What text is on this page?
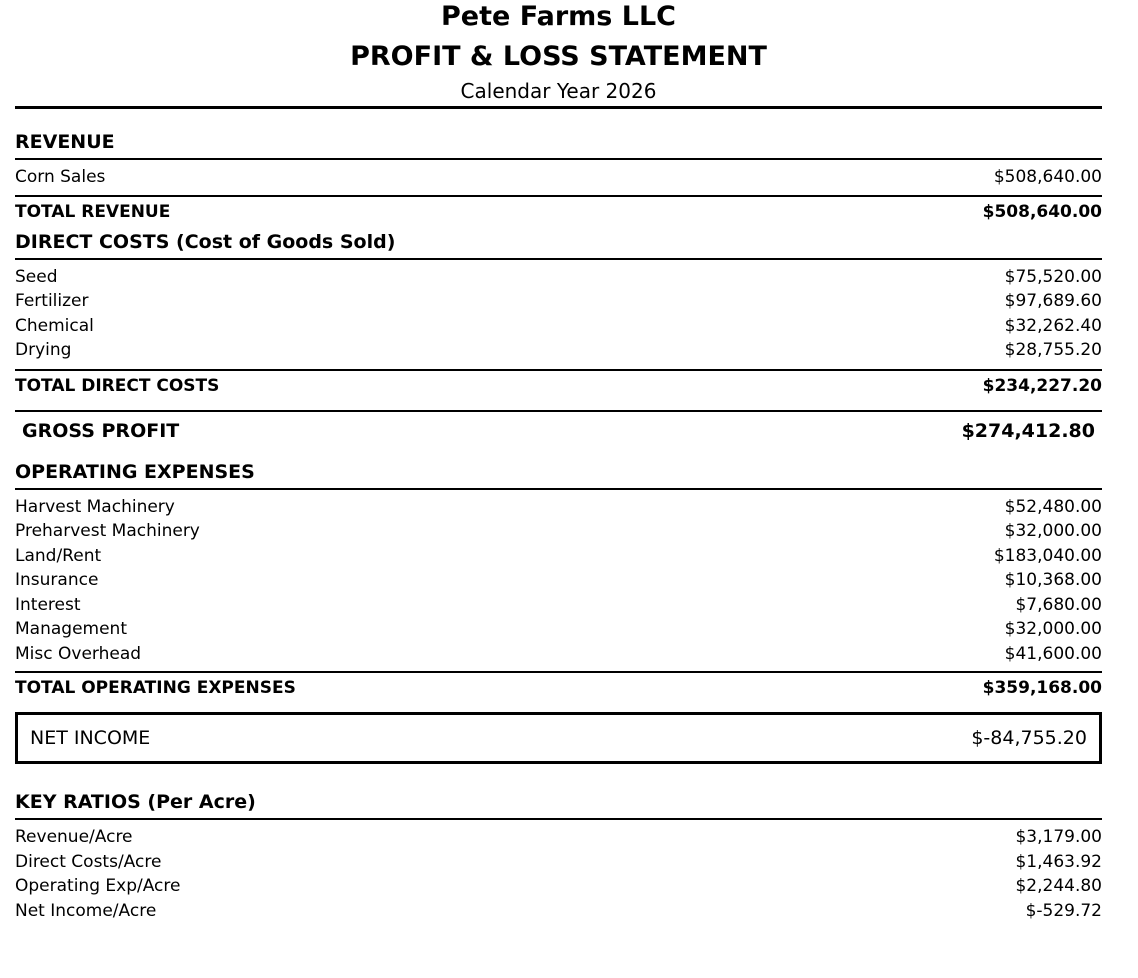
Pete Farms LLC
PROFIT & LOSS STATEMENT
Calendar Year 2026
REVENUE
Corn Sales	$508,640.00
TOTAL REVENUE	$508,640.00
DIRECT COSTS (Cost of Goods Sold)
Seed	$75,520.00
Fertilizer	$97,689.60
Chemical	$32,262.40
Drying	$28,755.20
TOTAL DIRECT COSTS	$234,227.20
GROSS PROFIT	$274,412.80
OPERATING EXPENSES
Harvest Machinery	$52,480.00
Preharvest Machinery	$32,000.00
Land/Rent	$183,040.00
Insurance	$10,368.00
Interest	$7,680.00
Management	$32,000.00
Misc Overhead	$41,600.00
TOTAL OPERATING EXPENSES	$359,168.00
NET INCOME	$-84,755.20
KEY RATIOS (Per Acre)
Revenue/Acre	$3,179.00
Direct Costs/Acre	$1,463.92
Operating Exp/Acre	$2,244.80
Net Income/Acre	$-529.72
